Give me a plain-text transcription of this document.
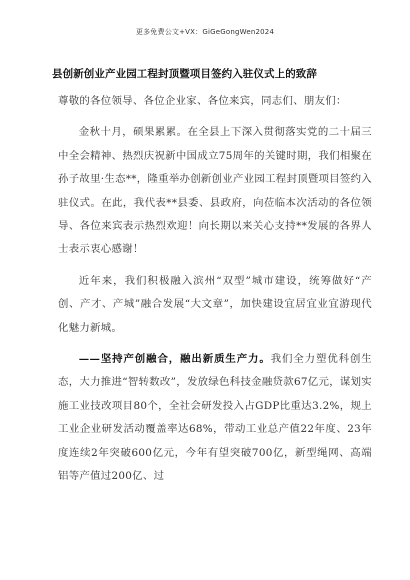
更多免费公文+VX：GiGeGongWen2024
县创新创业产业园工程封顶暨项目签约入驻仪式上的致辞

尊敬的各位领导、各位企业家、各位来宾，同志们、朋友们：

金秋十月，硕果累累。在全县上下深入贯彻落实党的二十届三中全会精神、热烈庆祝新中国成立75周年的关键时期，我们相聚在孙子故里·生态**，隆重举办创新创业产业园工程封顶暨项目签约入驻仪式。在此，我代表**县委、县政府，向莅临本次活动的各位领导、各位来宾表示热烈欢迎！向长期以来关心支持**发展的各界人士表示衷心感谢！

近年来，我们积极融入滨州“双型”城市建设，统筹做好“产创、产才、产城”融合发展“大文章”，加快建设宜居宜业宜游现代化魅力新城。

——坚持产创融合，融出新质生产力。我们全力塑优科创生态，大力推进“智转数改”，发放绿色科技金融贷款67亿元，谋划实施工业技改项目80个，全社会研发投入占GDP比重达3.2%，规上工业企业研发活动覆盖率达68%，带动工业总产值22年度、23年度连续2年突破600亿元，今年有望突破700亿，新型绳网、高端铝等产值过200亿、过
